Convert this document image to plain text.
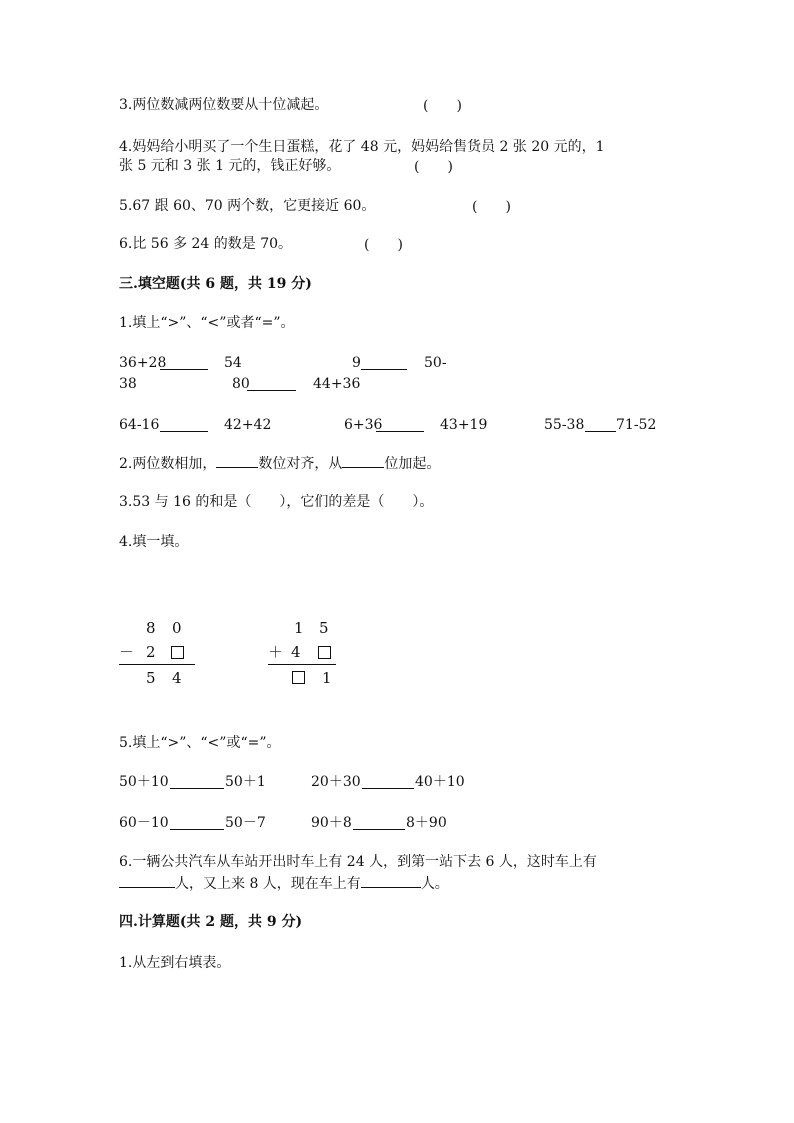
3.两位数减两位数要从十位减起。	(　　)
4.妈妈给小明买了一个生日蛋糕，花了 48 元，妈妈给售货员 2 张 20 元的，1
张 5 元和 3 张 1 元的，钱正好够。	(　　)
5.67 跟 60、70 两个数，它更接近 60。	(　　)
6.比 56 多 24 的数是 70。	(　　)
三.填空题(共 6 题，共 19 分)
1.填上“>”、“<”或者“=”。
36+28	54	9	50-
38	80	44+36
64-16	42+42	6+36	43+19	55-38 71-52
2.两位数相加，	数位对齐，从	位加起。
3.53 与 16 的和是（　　），它们的差是（　　）。
4.填一填。
8 0
－ 2
5 4
1 5
＋ 4
1
5.填上“>”、“<”或“=”。
50＋10	50＋1	20＋30	40＋10
60－10	50－7	90＋8	8＋90
6.一辆公共汽车从车站开出时车上有 24 人，到第一站下去 6 人，这时车上有
人，又上来 8 人，现在车上有	人。
四.计算题(共 2 题，共 9 分)
1.从左到右填表。
